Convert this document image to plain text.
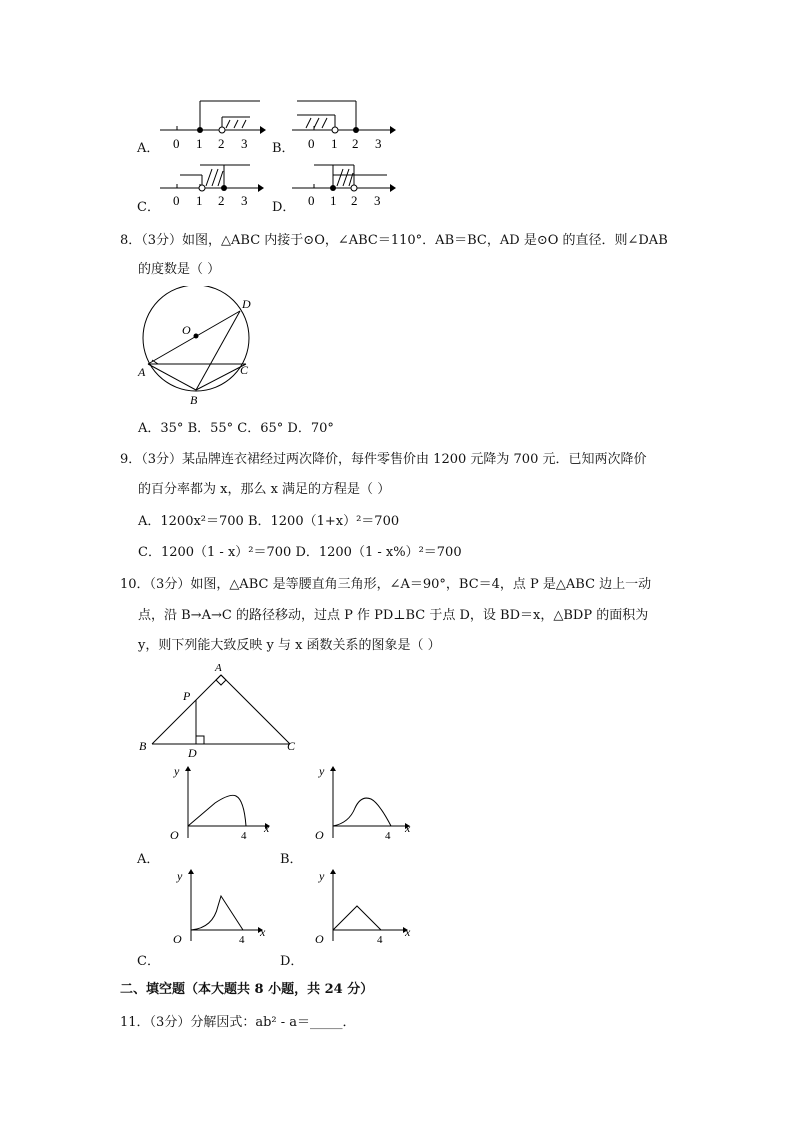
A． 0 1 2 3 B． 0 1 2 3
C． 0 1 2 3 D． 0 1 2 3
8．（3分）如图，△ABC 内接于⊙O，∠ABC＝110°．AB＝BC，AD 是⊙O 的直径．则∠DAB
的度数是（ ）
O
D
A	C
B
A．35° B．55° C．65° D．70°
9．（3分）某品牌连衣裙经过两次降价，每件零售价由 1200 元降为 700 元．已知两次降价
的百分率都为 x，那么 x 满足的方程是（ ）
A．1200x²＝700 B．1200（1+x）²＝700
C．1200（1 - x）²＝700 D．1200（1 - x%）²＝700
10．（3分）如图，△ABC 是等腰直角三角形，∠A＝90°，BC＝4，点 P 是△ABC 边上一动
点，沿 B→A→C 的路径移动，过点 P 作 PD⊥BC 于点 D，设 BD＝x，△BDP 的面积为
y，则下列能大致反映 y 与 x 函数关系的图象是（ ）
A
B	C
P
D
A．
y
x
O	4
B．
y
x
O	4
C．
y
x
O	4
D．
y
x
O	4
二、填空题（本大题共 8 小题，共 24 分）
11．（3分）分解因式：ab² - a＝_____．
